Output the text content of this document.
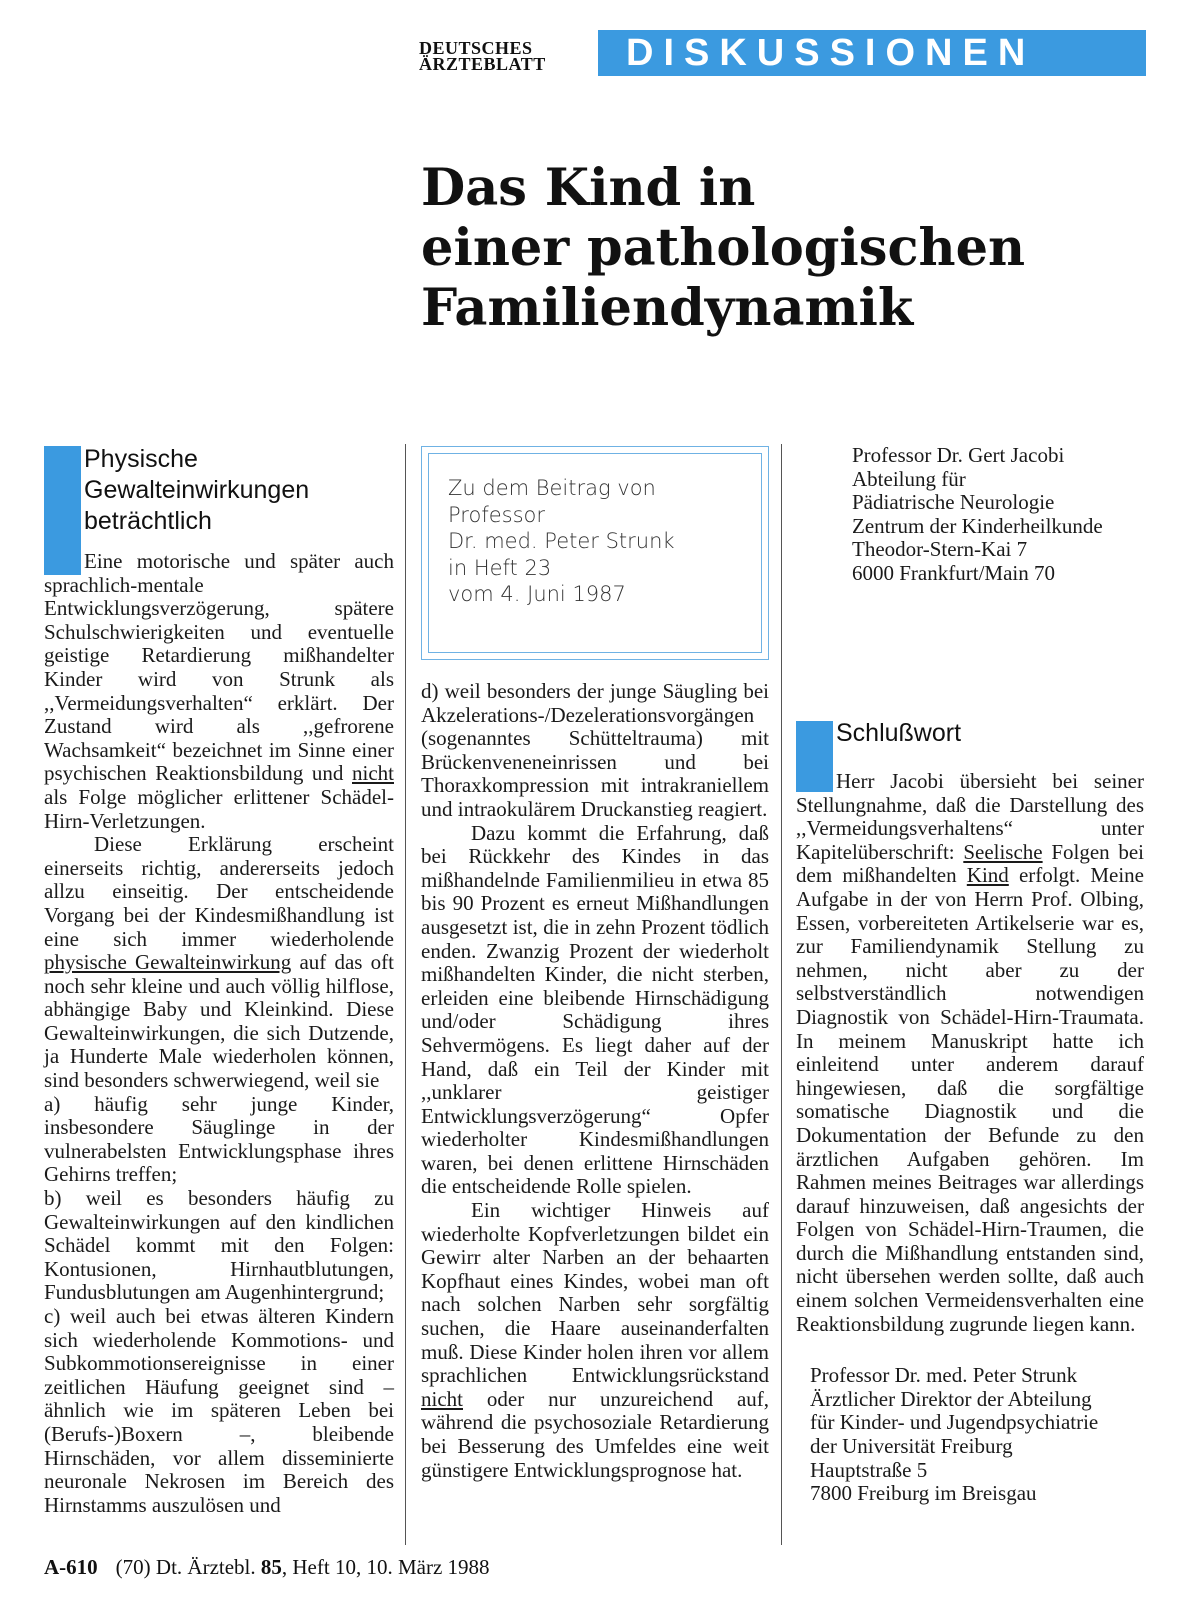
DEUTSCHES
ÄRZTEBLATT	DISKUSSIONEN
Das Kind in
einer pathologischen
Familiendynamik
Physische
Gewalteinwirkungen
beträchtlich

Eine motorische und später auch sprachlich-mentale Entwicklungsverzögerung, spätere Schulschwierigkeiten und eventuelle geistige Retardierung mißhandelter Kinder wird von Strunk als ,,Vermeidungsverhalten“ erklärt. Der Zustand wird als ,,gefrorene Wachsamkeit“ bezeichnet im Sinne einer psychischen Reaktionsbildung und nicht als Folge möglicher erlittener Schädel-Hirn-Verletzungen.

Diese Erklärung erscheint einerseits richtig, andererseits jedoch allzu einseitig. Der entscheidende Vorgang bei der Kindesmißhandlung ist eine sich immer wiederholende physische Gewalteinwirkung auf das oft noch sehr kleine und auch völlig hilflose, abhängige Baby und Kleinkind. Diese Gewalteinwirkungen, die sich Dutzende, ja Hunderte Male wiederholen können, sind besonders schwerwiegend, weil sie

a) häufig sehr junge Kinder, insbesondere Säuglinge in der vulnerabelsten Entwicklungsphase ihres Gehirns treffen;

b) weil es besonders häufig zu Gewalteinwirkungen auf den kindlichen Schädel kommt mit den Folgen: Kontusionen, Hirnhautblutungen, Fundusblutungen am Augenhintergrund;

c) weil auch bei etwas älteren Kindern sich wiederholende Kommotions- und Subkommotionsereignisse in einer zeitlichen Häufung geeignet sind – ähnlich wie im späteren Leben bei (Berufs-)Boxern –, bleibende Hirnschäden, vor allem disseminierte neuronale Nekrosen im Bereich des Hirnstamms auszulösen und

Zu dem Beitrag von
Professor
Dr. med. Peter Strunk
in Heft 23
vom 4. Juni 1987

d) weil besonders der junge Säugling bei Akzelerations-/Dezelerationsvorgängen (sogenanntes Schütteltrauma) mit Brückenveneneinrissen und bei Thoraxkompression mit intrakraniellem und intraokulärem Druckanstieg reagiert.

Dazu kommt die Erfahrung, daß bei Rückkehr des Kindes in das mißhandelnde Familienmilieu in etwa 85 bis 90 Prozent es erneut Mißhandlungen ausgesetzt ist, die in zehn Prozent tödlich enden. Zwanzig Prozent der wiederholt mißhandelten Kinder, die nicht sterben, erleiden eine bleibende Hirnschädigung und/oder Schädigung ihres Sehvermögens. Es liegt daher auf der Hand, daß ein Teil der Kinder mit ,,unklarer geistiger Entwicklungsverzögerung“ Opfer wiederholter Kindesmißhandlungen waren, bei denen erlittene Hirnschäden die entscheidende Rolle spielen.

Ein wichtiger Hinweis auf wiederholte Kopfverletzungen bildet ein Gewirr alter Narben an der behaarten Kopfhaut eines Kindes, wobei man oft nach solchen Narben sehr sorgfältig suchen, die Haare auseinanderfalten muß. Diese Kinder holen ihren vor allem sprachlichen Entwicklungsrückstand nicht oder nur unzureichend auf, während die psychosoziale Retardierung bei Besserung des Umfeldes eine weit günstigere Entwicklungsprognose hat.

Professor Dr. Gert Jacobi
Abteilung für
Pädiatrische Neurologie
Zentrum der Kinderheilkunde
Theodor-Stern-Kai 7
6000 Frankfurt/Main 70
Schlußwort

Herr Jacobi übersieht bei seiner Stellungnahme, daß die Darstellung des ,,Vermeidungsverhaltens“ unter Kapitelüberschrift: Seelische Folgen bei dem mißhandelten Kind erfolgt. Meine Aufgabe in der von Herrn Prof. Olbing, Essen, vorbereiteten Artikelserie war es, zur Familiendynamik Stellung zu nehmen, nicht aber zu der selbstverständlich notwendigen Diagnostik von Schädel-Hirn-Traumata. In meinem Manuskript hatte ich einleitend unter anderem darauf hingewiesen, daß die sorgfältige somatische Diagnostik und die Dokumentation der Befunde zu den ärztlichen Aufgaben gehören. Im Rahmen meines Beitrages war allerdings darauf hinzuweisen, daß angesichts der Folgen von Schädel-Hirn-Traumen, die durch die Mißhandlung entstanden sind, nicht übersehen werden sollte, daß auch einem solchen Vermeidensverhalten eine Reaktionsbildung zugrunde liegen kann.

Professor Dr. med. Peter Strunk
Ärztlicher Direktor der Abteilung
für Kinder- und Jugendpsychiatrie
der Universität Freiburg
Hauptstraße 5
7800 Freiburg im Breisgau
A-610 (70) Dt. Ärztebl. 85, Heft 10, 10. März 1988
